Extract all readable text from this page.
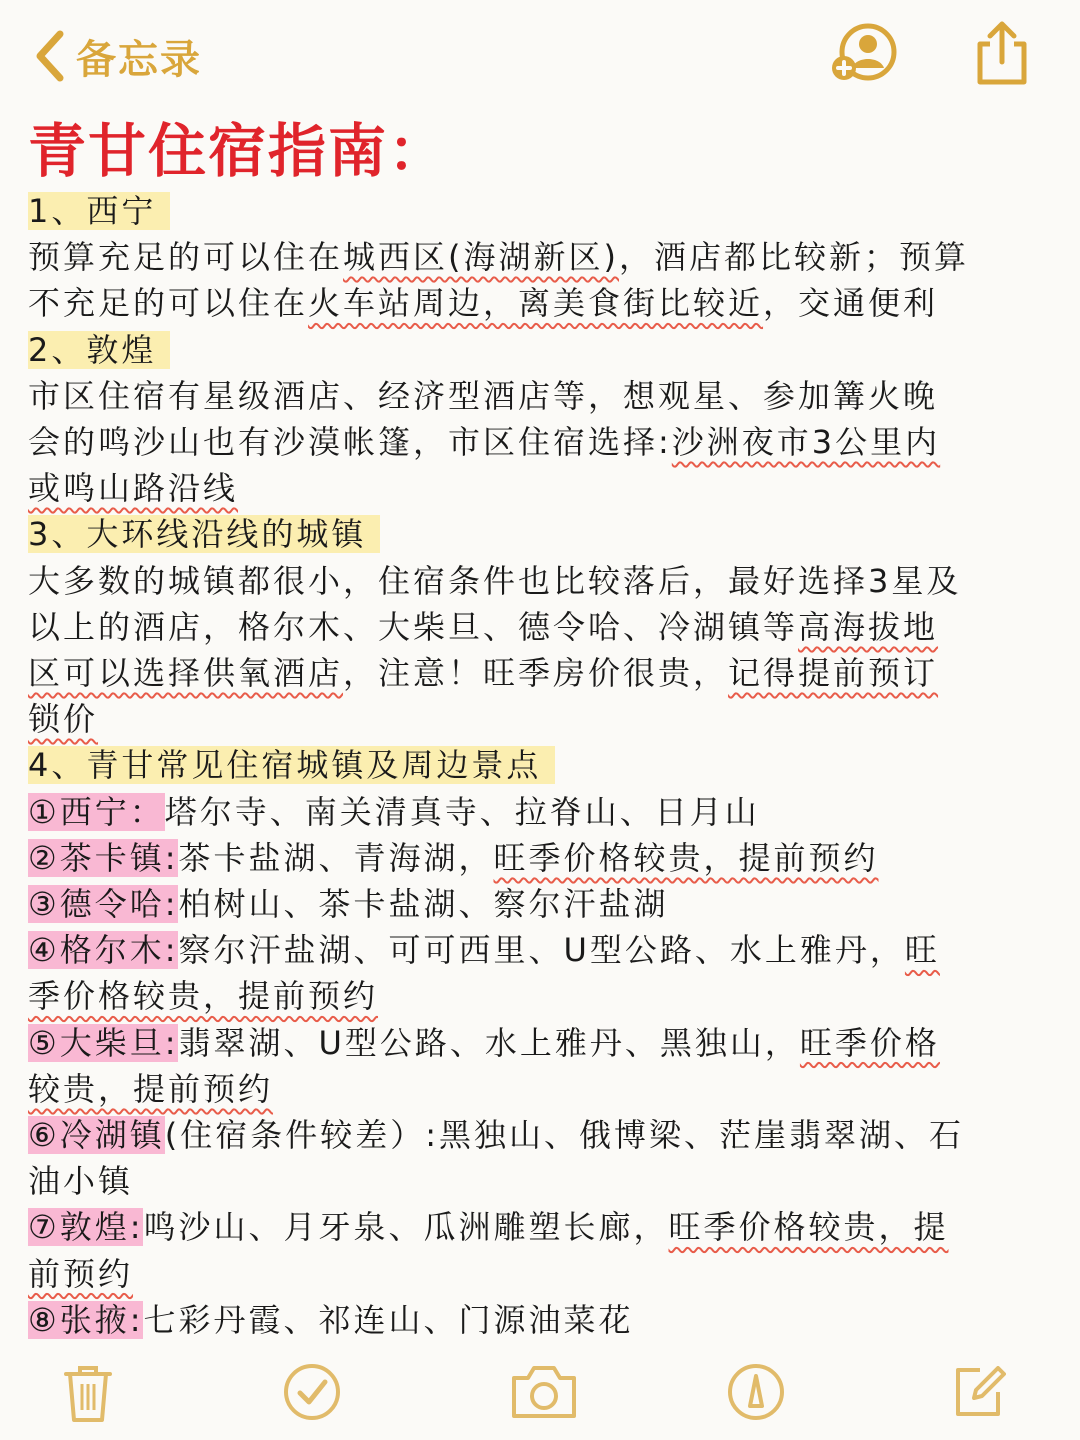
备忘录
青甘住宿指南：
1、西宁
预算充足的可以住在城西区(海湖新区)，酒店都比较新；预算
不充足的可以住在火车站周边，离美食街比较近，交通便利
2、敦煌
市区住宿有星级酒店、经济型酒店等，想观星、参加篝火晚
会的鸣沙山也有沙漠帐篷，市区住宿选择:沙洲夜市3公里内
或鸣山路沿线
3、大环线沿线的城镇
大多数的城镇都很小，住宿条件也比较落后，最好选择3星及
以上的酒店，格尔木、大柴旦、德令哈、冷湖镇等高海拔地
区可以选择供氧酒店，注意！旺季房价很贵，记得提前预订
锁价
4、青甘常见住宿城镇及周边景点
①西宁：塔尔寺、南关清真寺、拉脊山、日月山
②茶卡镇:茶卡盐湖、青海湖，旺季价格较贵，提前预约
③德令哈:柏树山、茶卡盐湖、察尔汗盐湖
④格尔木:察尔汗盐湖、可可西里、U型公路、水上雅丹，旺
季价格较贵，提前预约
⑤大柴旦:翡翠湖、U型公路、水上雅丹、黑独山，旺季价格
较贵，提前预约
⑥冷湖镇(住宿条件较差）:黑独山、俄博梁、茫崖翡翠湖、石
油小镇
⑦敦煌:鸣沙山、月牙泉、瓜洲雕塑长廊，旺季价格较贵，提
前预约
⑧张掖:七彩丹霞、祁连山、门源油菜花
